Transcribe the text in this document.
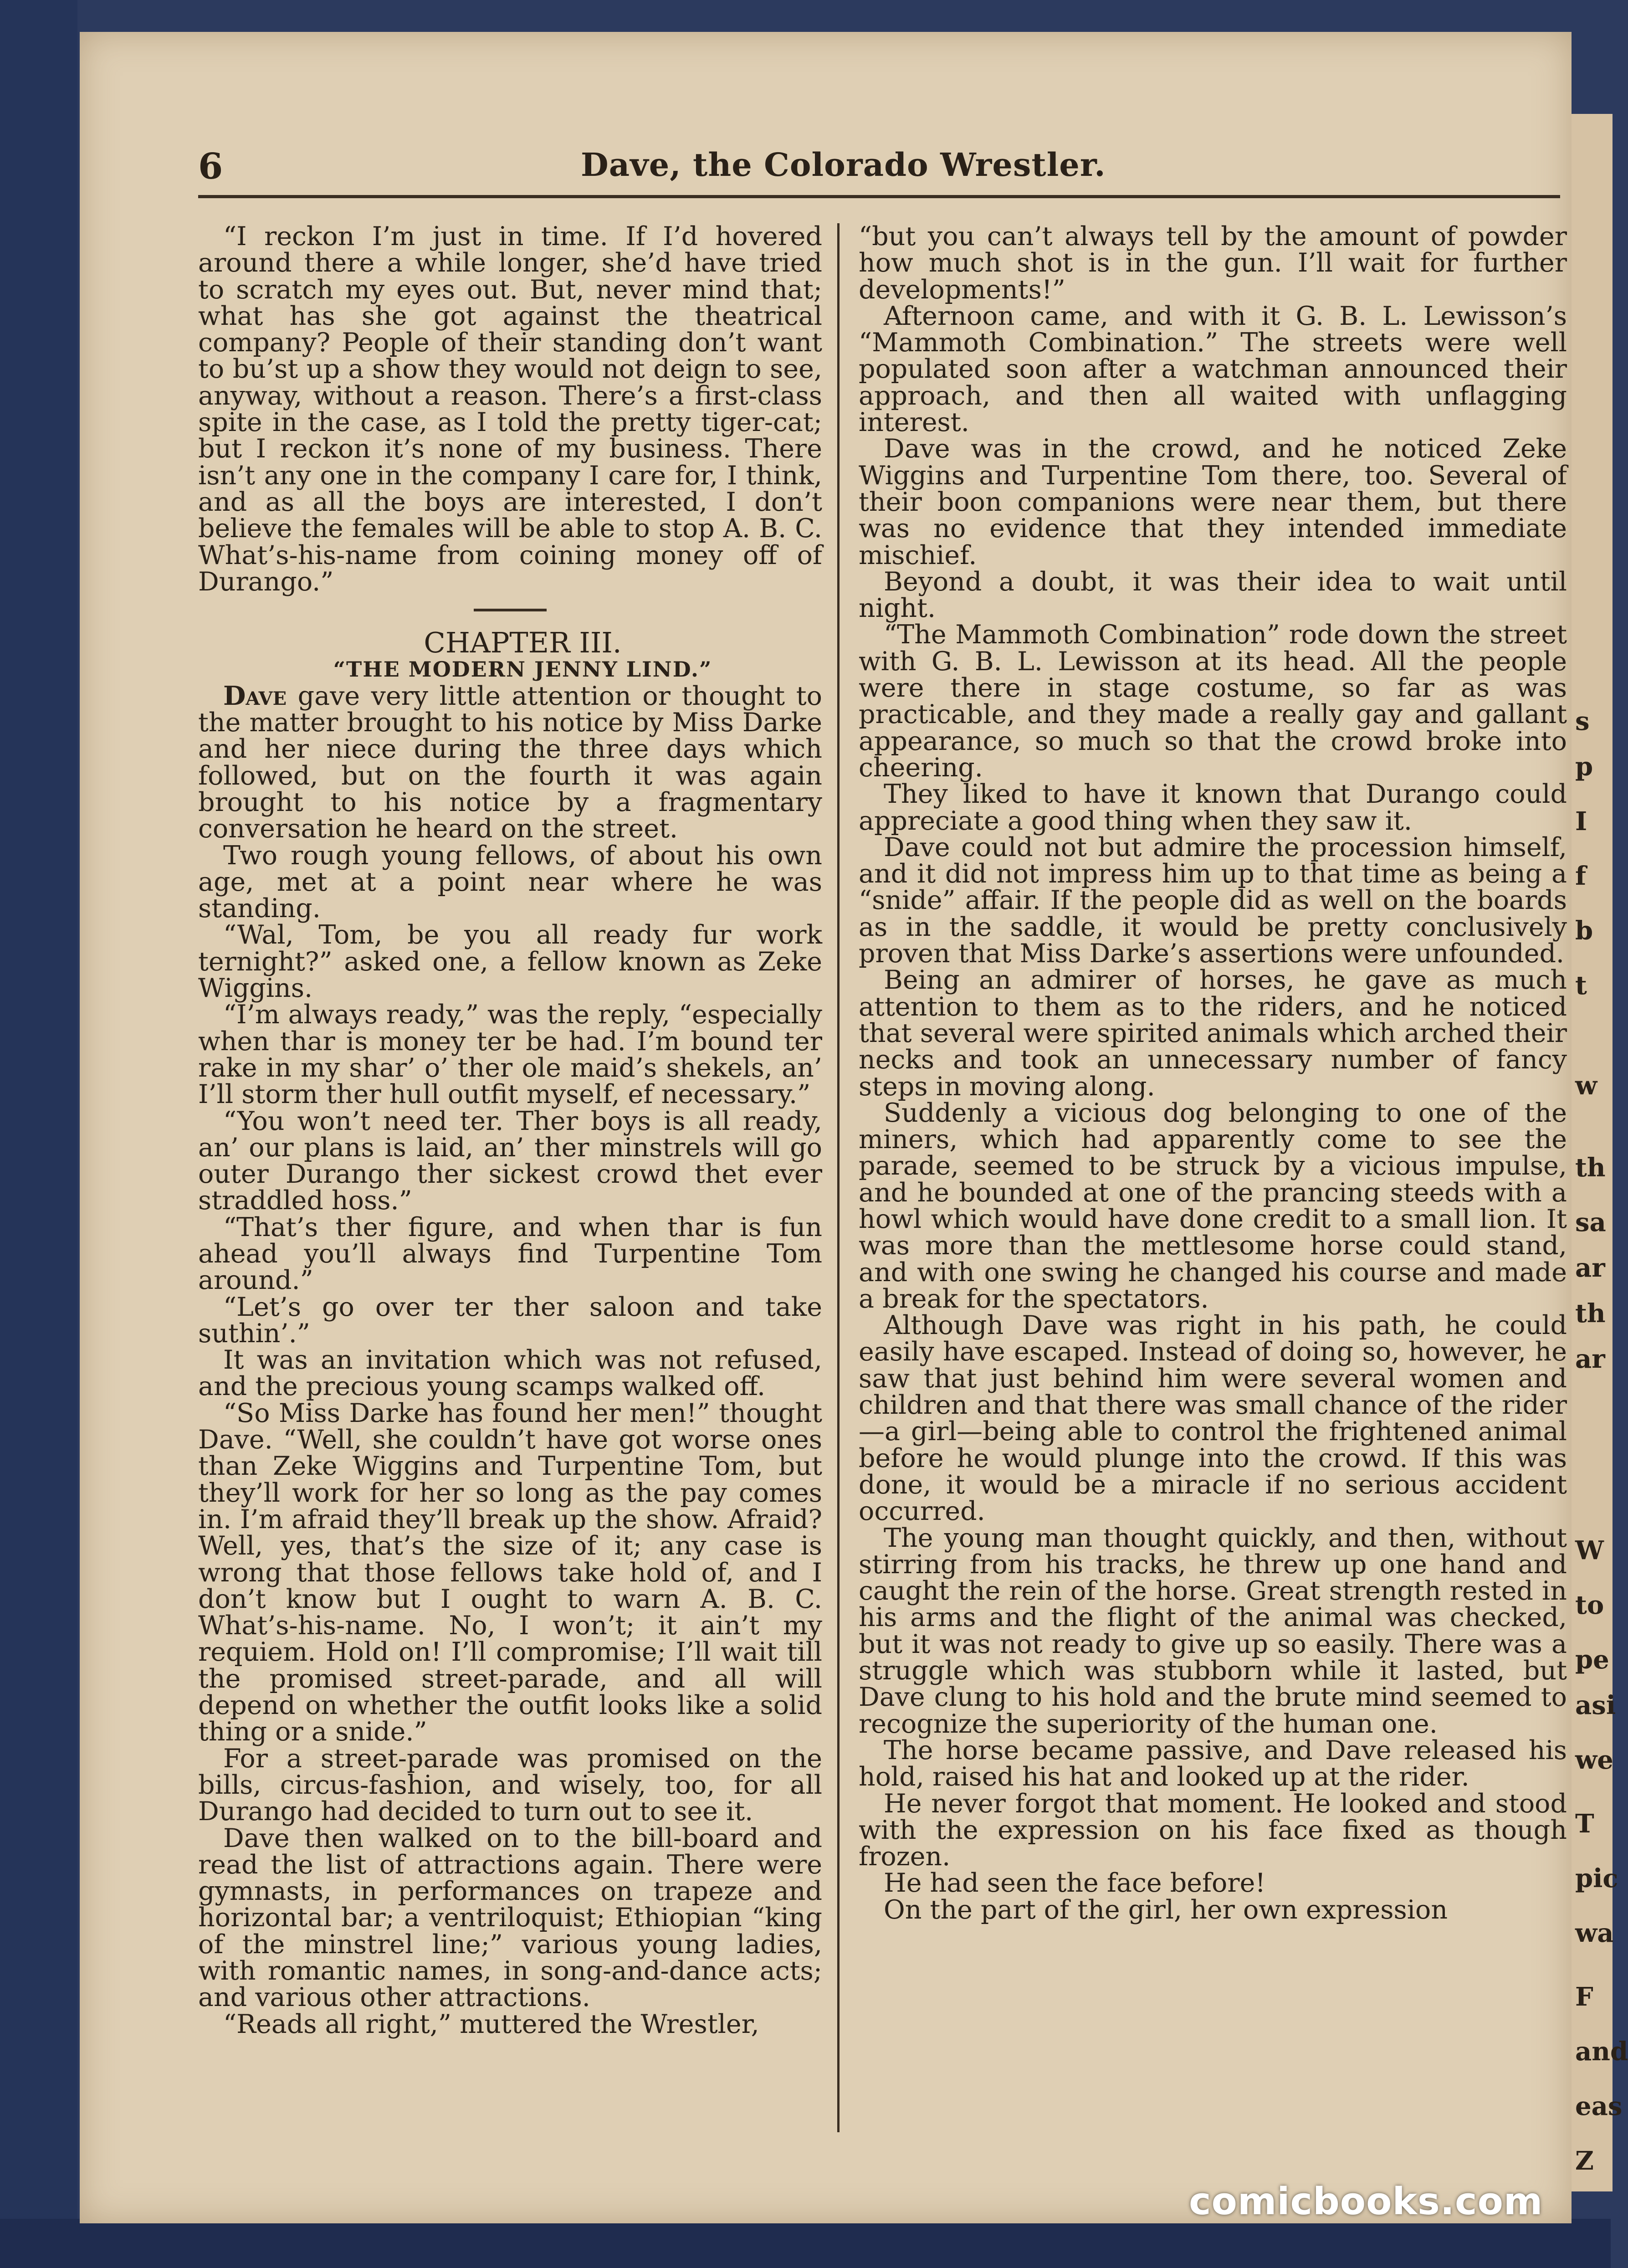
s
p
I
f
b
t
w
th
sa
ar
th
ar
W
to
pe
asi
we
T
pic
wa
F
and
eas
Z
6	Dave, the Colorado Wrestler.

“I reckon I’m just in time. If I’d hovered around there a while longer, she’d have tried to scratch my eyes out. But, never mind that; what has she got against the theatrical company? People of their standing don’t want to bu’st up a show they would not deign to see, anyway, without a reason. There’s a first-class spite in the case, as I told the pretty tiger-cat; but I reckon it’s none of my business. There isn’t any one in the company I care for, I think, and as all the boys are interested, I don’t believe the females will be able to stop A. B. C. What’s-his-name from coining money off of Durango.”

CHAPTER III.

“THE MODERN JENNY LIND.”

Dave gave very little attention or thought to the matter brought to his notice by Miss Darke and her niece during the three days which followed, but on the fourth it was again brought to his notice by a fragmentary conversation he heard on the street.

Two rough young fellows, of about his own age, met at a point near where he was standing.

“Wal, Tom, be you all ready fur work ternight?” asked one, a fellow known as Zeke Wiggins.

“I’m always ready,” was the reply, “especially when thar is money ter be had. I’m bound ter rake in my shar’ o’ ther ole maid’s shekels, an’ I’ll storm ther hull outfit myself, ef necessary.”

“You won’t need ter. Ther boys is all ready, an’ our plans is laid, an’ ther minstrels will go outer Durango ther sickest crowd thet ever straddled hoss.”

“That’s ther figure, and when thar is fun ahead you’ll always find Turpentine Tom around.”

“Let’s go over ter ther saloon and take suthin’.”

It was an invitation which was not refused, and the precious young scamps walked off.

“So Miss Darke has found her men!” thought Dave. “Well, she couldn’t have got worse ones than Zeke Wiggins and Turpentine Tom, but they’ll work for her so long as the pay comes in. I’m afraid they’ll break up the show. Afraid? Well, yes, that’s the size of it; any case is wrong that those fellows take hold of, and I don’t know but I ought to warn A. B. C. What’s-his-name. No, I won’t; it ain’t my requiem. Hold on! I’ll compromise; I’ll wait till the promised street-parade, and all will depend on whether the outfit looks like a solid thing or a snide.”

For a street-parade was promised on the bills, circus-fashion, and wisely, too, for all Durango had decided to turn out to see it.

Dave then walked on to the bill-board and read the list of attractions again. There were gymnasts, in performances on trapeze and horizontal bar; a ventriloquist; Ethiopian “king of the minstrel line;” various young ladies, with romantic names, in song-and-dance acts; and various other attractions.

“Reads all right,” muttered the Wrestler,

“but you can’t always tell by the amount of powder how much shot is in the gun. I’ll wait for further developments!”

Afternoon came, and with it G. B. L. Lewisson’s “Mammoth Combination.” The streets were well populated soon after a watchman announced their approach, and then all waited with unflagging interest.

Dave was in the crowd, and he noticed Zeke Wiggins and Turpentine Tom there, too. Several of their boon companions were near them, but there was no evidence that they intended immediate mischief.

Beyond a doubt, it was their idea to wait until night.

“The Mammoth Combination” rode down the street with G. B. L. Lewisson at its head. All the people were there in stage costume, so far as was practicable, and they made a really gay and gallant appearance, so much so that the crowd broke into cheering.

They liked to have it known that Durango could appreciate a good thing when they saw it.

Dave could not but admire the procession himself, and it did not impress him up to that time as being a “snide” affair. If the people did as well on the boards as in the saddle, it would be pretty conclusively proven that Miss Darke’s assertions were unfounded.

Being an admirer of horses, he gave as much attention to them as to the riders, and he noticed that several were spirited animals which arched their necks and took an unnecessary number of fancy steps in moving along.

Suddenly a vicious dog belonging to one of the miners, which had apparently come to see the parade, seemed to be struck by a vicious impulse, and he bounded at one of the prancing steeds with a howl which would have done credit to a small lion. It was more than the mettlesome horse could stand, and with one swing he changed his course and made a break for the spectators.

Although Dave was right in his path, he could easily have escaped. Instead of doing so, however, he saw that just behind him were several women and children and that there was small chance of the rider—a girl—being able to control the frightened animal before he would plunge into the crowd. If this was done, it would be a miracle if no serious accident occurred.

The young man thought quickly, and then, without stirring from his tracks, he threw up one hand and caught the rein of the horse. Great strength rested in his arms and the flight of the animal was checked, but it was not ready to give up so easily. There was a struggle which was stubborn while it lasted, but Dave clung to his hold and the brute mind seemed to recognize the superiority of the human one.

The horse became passive, and Dave released his hold, raised his hat and looked up at the rider.

He never forgot that moment. He looked and stood with the expression on his face fixed as though frozen.

He had seen the face before!

On the part of the girl, her own expression

comicbooks.com
